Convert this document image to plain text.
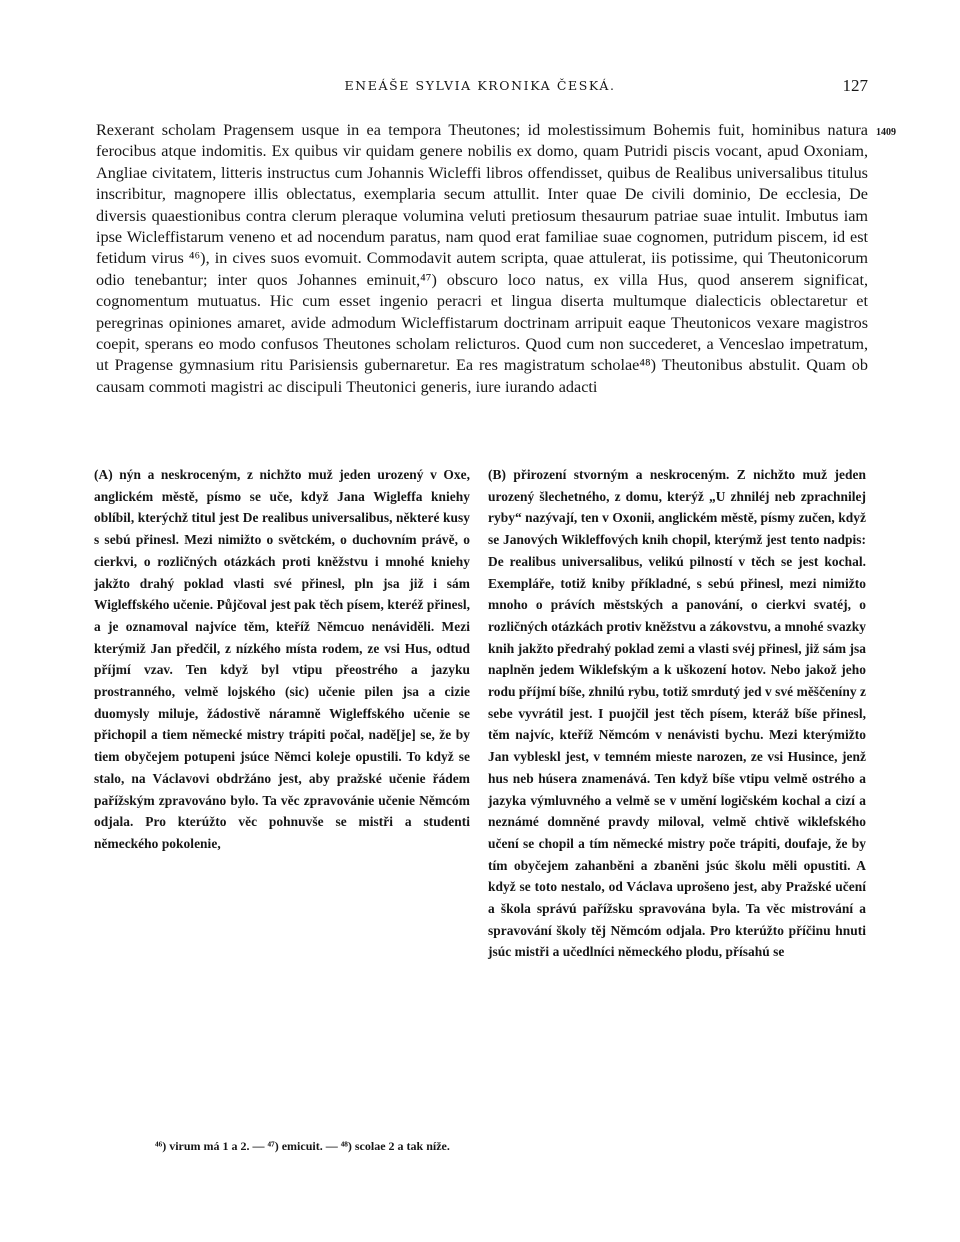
ENEÁŠE SYLVIA KRONIKA ČESKÁ.	127
1409
Rexerant scholam Pragensem usque in ea tempora Theutones; id molestissimum Bohemis fuit, hominibus natura ferocibus atque indomitis. Ex quibus vir quidam genere nobilis ex domo, quam Putridi piscis vocant, apud Oxoniam, Angliae civitatem, litteris instructus cum Johannis Wicleffi libros offendisset, quibus de Realibus universalibus titulus inscribitur, magnopere illis oblectatus, exemplaria secum attullit. Inter quae De civili dominio, De ecclesia, De diversis quaestionibus contra clerum pleraque volumina veluti pretiosum thesaurum patriae suae intulit. Imbutus iam ipse Wicleffistarum veneno et ad nocendum paratus, nam quod erat familiae suae cognomen, putridum piscem, id est fetidum virus ⁴⁶), in cives suos evomuit. Commodavit autem scripta, quae attulerat, iis potissime, qui Theutonicorum odio tenebantur; inter quos Johannes eminuit,⁴⁷) obscuro loco natus, ex villa Hus, quod anserem significat, cognomentum mutuatus. Hic cum esset ingenio peracri et lingua diserta multumque dialecticis oblectaretur et peregrinas opiniones amaret, avide admodum Wicleffistarum doctrinam arripuit eaque Theutonicos vexare magistros coepit, sperans eo modo confusos Theutones scholam relicturos. Quod cum non succederet, a Venceslao impetratum, ut Pragense gymnasium ritu Parisiensis gubernaretur. Ea res magistratum scholae⁴⁸) Theutonibus abstulit. Quam ob causam commoti magistri ac discipuli Theutonici generis, iure iurando adacti
(A) nýn a neskroceným, z nichžto muž jeden urozený v Oxe, anglickém městě, písmo se uče, když Jana Wigleffa kniehy oblíbil, kterýchž titul jest De realibus universalibus, některé kusy s sebú přinesl. Mezi nimižto o světckém, o duchovním právě, o cierkvi, o rozličných otázkách proti kněžstvu i mnohé kniehy jakžto drahý poklad vlasti své přinesl, pln jsa již i sám Wigleffského učenie. Půjčoval jest pak těch písem, kteréž přinesl, a je oznamoval najvíce těm, kteříž Němcuo nenáviděli. Mezi kterýmiž Jan předčil, z nízkého místa rodem, ze vsi Hus, odtud příjmí vzav. Ten když byl vtipu přeostrého a jazyku prostranného, velmě lojského (sic) učenie pilen jsa a cizie duomysly miluje, žádostivě náramně Wigleffského učenie se přichopil a tiem německé mistry trápiti počal, nadě[je] se, že by tiem obyčejem potupeni jsúce Němci koleje opustili. To když se stalo, na Václavovi obdržáno jest, aby pražské učenie řádem pařížským zpravováno bylo. Ta věc zpravovánie učenie Němcóm odjala. Pro kterúžto věc pohnuvše se mistři a studenti německého pokolenie,
(B) přirození stvorným a neskroceným. Z nichžto muž jeden urozený šlechetného, z domu, kterýž „U zhniléj neb zprachnilej ryby“ nazývají, ten v Oxonii, anglickém městě, písmy zučen, když se Janových Wikleffových knih chopil, kterýmž jest tento nadpis: De realibus universalibus, velikú pilností v těch se jest kochal. Exempláře, totiž kniby příkladné, s sebú přinesl, mezi nimižto mnoho o právích městských a panování, o cierkvi svatéj, o rozličných otázkách protiv kněžstvu a zákovstvu, a mnohé svazky knih jakžto předrahý poklad zemi a vlasti svéj přinesl, již sám jsa naplněn jedem Wiklefským a k uškození hotov. Nebo jakož jeho rodu příjmí bíše, zhnilú rybu, totiž smrdutý jed v své měščeníny z sebe vyvrátil jest. I puojčil jest těch písem, kteráž bíše přinesl, těm najvíc, kteříž Němcóm v nenávisti bychu. Mezi kterýmižto Jan vybleskl jest, v temném mieste narozen, ze vsi Husince, jenž hus neb húsera znamenává. Ten když bíše vtipu velmě ostrého a jazyka výmluvného a velmě se v umění logičském kochal a cizí a neznámé domněné pravdy miloval, velmě chtivě wiklefského učení se chopil a tím německé mistry poče trápiti, doufaje, že by tím obyčejem zahanběni a zbaněni jsúc školu měli opustiti. A když se toto nestalo, od Václava uprošeno jest, aby Pražské učení a škola správú pařížsku spravována byla. Ta věc mistrování a spravování školy těj Němcóm odjala. Pro kterúžto příčinu hnuti jsúc mistři a učedlníci německého plodu, přísahú se
⁴⁶) virum má 1 a 2. — ⁴⁷) emicuit. — ⁴⁸) scolae 2 a tak níže.
